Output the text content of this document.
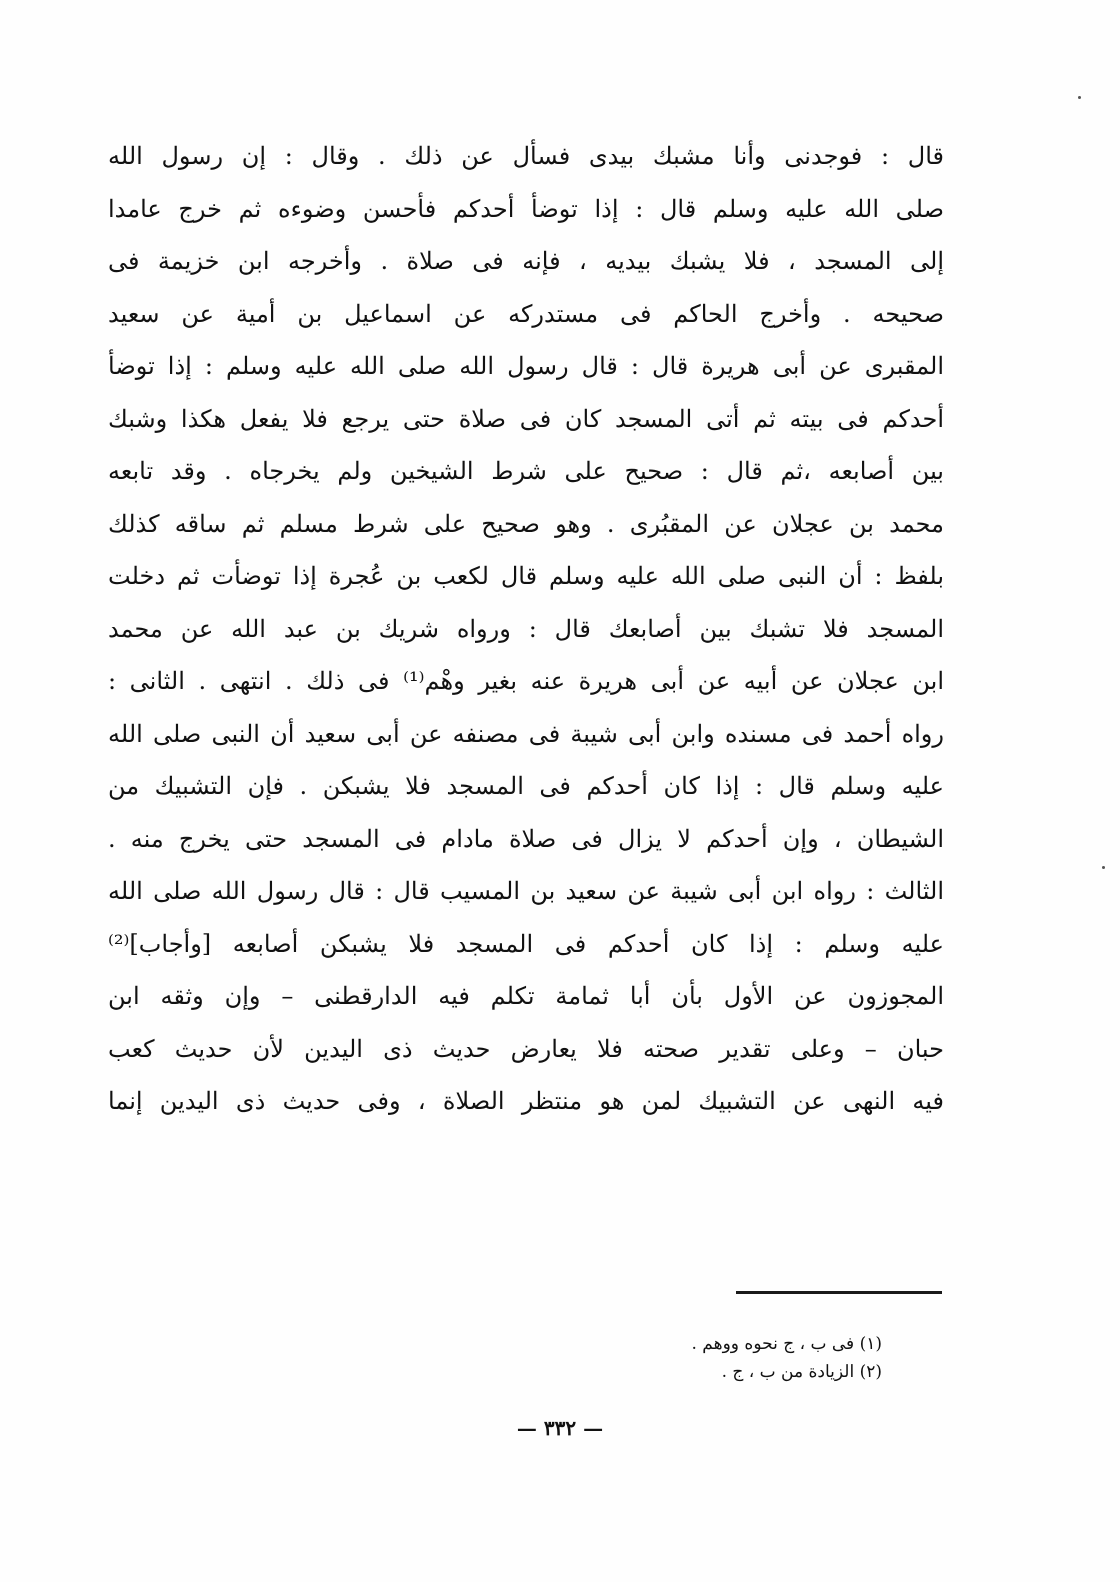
قال : فوجدنى وأنا مشبك بيدى فسأل عن ذلك . وقال : إن رسول الله
صلى الله عليه وسلم قال : إذا توضأ أحدكم فأحسن وضوءه ثم خرج عامدا
إلى المسجد ، فلا يشبك بيديه ، فإنه فى صلاة . وأخرجه ابن خزيمة فى
صحيحه . وأخرج الحاكم فى مستدركه عن اسماعيل بن أمية عن سعيد
المقبرى عن أبى هريرة قال : قال رسول الله صلى الله عليه وسلم : إذا توضأ
أحدكم فى بيته ثم أتى المسجد كان فى صلاة حتى يرجع فلا يفعل هكذا وشبك
بين أصابعه ،ثم قال : صحيح على شرط الشيخين ولم يخرجاه . وقد تابعه
محمد بن عجلان عن المقبُرى . وهو صحيح على شرط مسلم ثم ساقه كذلك
بلفظ : أن النبى صلى الله عليه وسلم قال لكعب بن عُجرة إذا توضأت ثم دخلت
المسجد فلا تشبك بين أصابعك قال : ورواه شريك بن عبد الله عن محمد
ابن عجلان عن أبيه عن أبى هريرة عنه بغير وهْم⁽¹⁾ فى ذلك . انتهى . الثانى :
رواه أحمد فى مسنده وابن أبى شيبة فى مصنفه عن أبى سعيد أن النبى صلى الله
عليه وسلم قال : إذا كان أحدكم فى المسجد فلا يشبكن . فإن التشبيك من
الشيطان ، وإن أحدكم لا يزال فى صلاة مادام فى المسجد حتى يخرج منه .
الثالث : رواه ابن أبى شيبة عن سعيد بن المسيب قال : قال رسول الله صلى الله
عليه وسلم : إذا كان أحدكم فى المسجد فلا يشبكن أصابعه [وأجاب]⁽²⁾
المجوزون عن الأول بأن أبا ثمامة تكلم فيه الدارقطنى – وإن وثقه ابن
حبان – وعلى تقدير صحته فلا يعارض حديث ذى اليدين لأن حديث كعب
فيه النهى عن التشبيك لمن هو منتظر الصلاة ، وفى حديث ذى اليدين إنما
(١) فى ب ، ج نحوه ووهم .
(٢) الزيادة من ب ، ج .
— ٣٣٢ —
